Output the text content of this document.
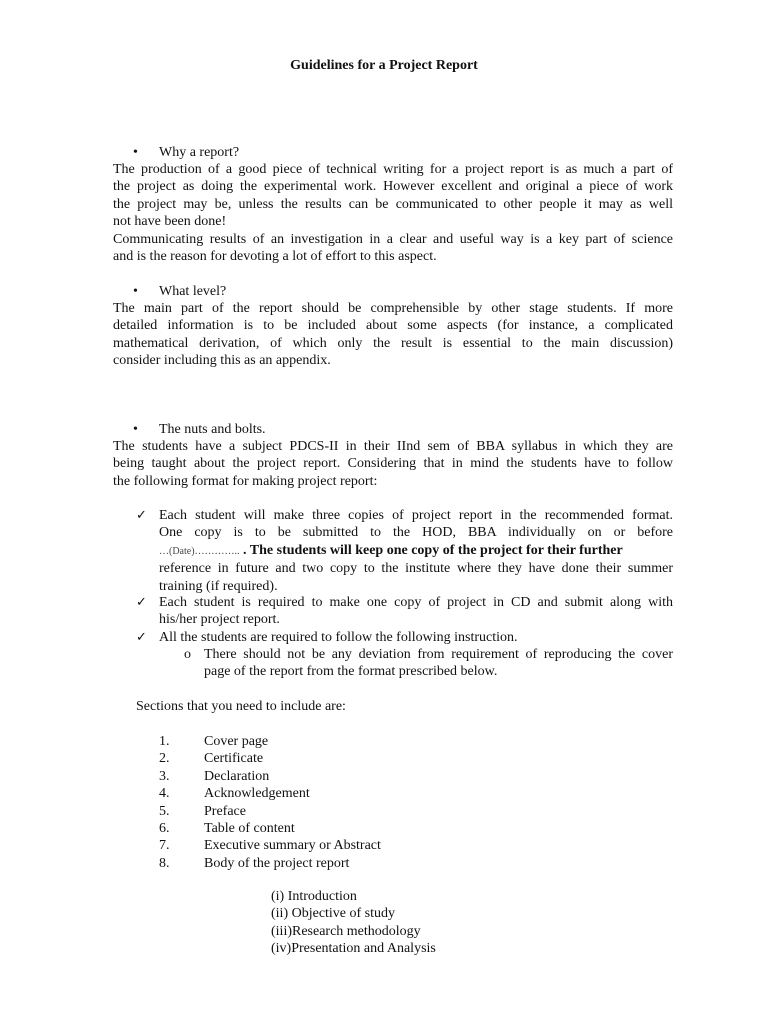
Guidelines for a Project Report
• Why a report?
The production of a good piece of technical writing for a project report is as much a part of
the project as doing the experimental work. However excellent and original a piece of work
the project may be, unless the results can be communicated to other people it may as well
not have been done!
Communicating results of an investigation in a clear and useful way is a key part of science
and is the reason for devoting a lot of effort to this aspect.
• What level?
The main part of the report should be comprehensible by other stage students. If more
detailed information is to be included about some aspects (for instance, a complicated
mathematical derivation, of which only the result is essential to the main discussion)
consider including this as an appendix.
• The nuts and bolts.
The students have a subject PDCS-II in their IInd sem of BBA syllabus in which they are
being taught about the project report. Considering that in mind the students have to follow
the following format for making project report:
✓ Each student will make three copies of project report in the recommended format.
One copy is to be submitted to the HOD, BBA individually on or before
…(Date)………….. . The students will keep one copy of the project for their further
reference in future and two copy to the institute where they have done their summer
training (if required).
✓ Each student is required to make one copy of project in CD and submit along with
his/her project report.
✓ All the students are required to follow the following instruction.
o There should not be any deviation from requirement of reproducing the cover
page of the report from the format prescribed below.
Sections that you need to include are:
1. Cover page
2. Certificate
3. Declaration
4. Acknowledgement
5. Preface
6. Table of content
7. Executive summary or Abstract
8. Body of the project report
(i) Introduction
(ii) Objective of study
(iii)Research methodology
(iv)Presentation and Analysis
